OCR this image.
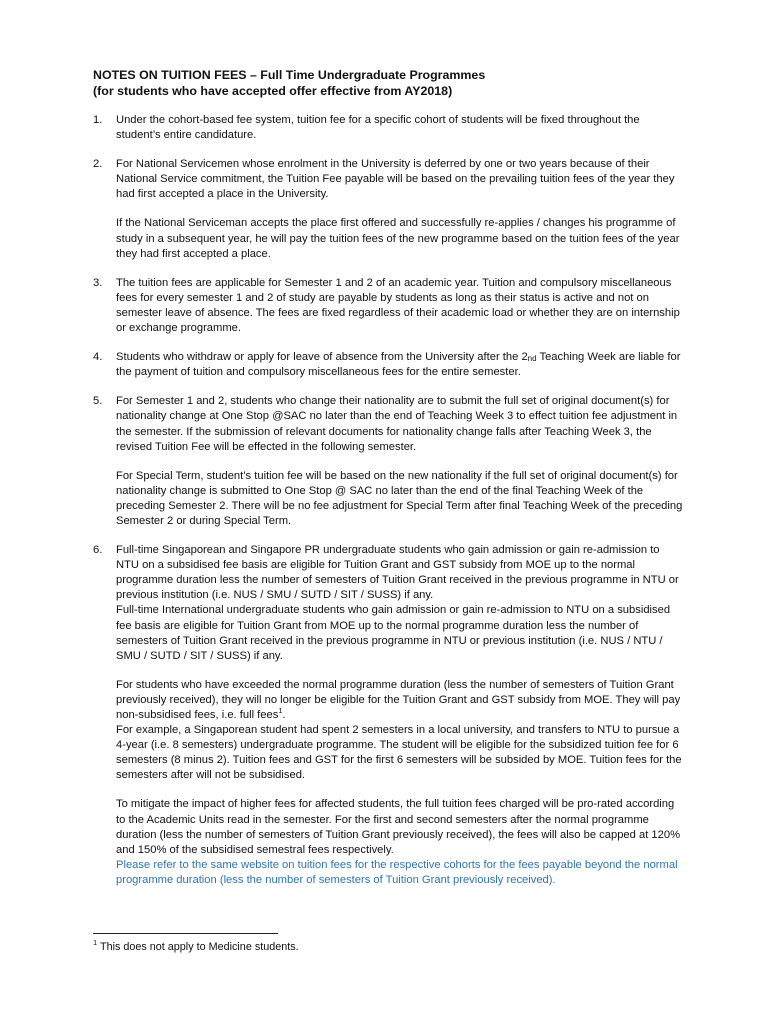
NOTES ON TUITION FEES – Full Time Undergraduate Programmes

(for students who have accepted offer effective from AY2018)

1. Under the cohort-based fee system, tuition fee for a specific cohort of students will be fixed throughout the student’s entire candidature.

2. For National Servicemen whose enrolment in the University is deferred by one or two years because of their National Service commitment, the Tuition Fee payable will be based on the prevailing tuition fees of the year they had first accepted a place in the University.

If the National Serviceman accepts the place first offered and successfully re-applies / changes his programme of study in a subsequent year, he will pay the tuition fees of the new programme based on the tuition fees of the year they had first accepted a place.

3. The tuition fees are applicable for Semester 1 and 2 of an academic year. Tuition and compulsory miscellaneous fees for every semester 1 and 2 of study are payable by students as long as their status is active and not on semester leave of absence. The fees are fixed regardless of their academic load or whether they are on internship or exchange programme.

4. Students who withdraw or apply for leave of absence from the University after the $2_{nd}$ Teaching Week are liable for the payment of tuition and compulsory miscellaneous fees for the entire semester.

5. For Semester 1 and 2, students who change their nationality are to submit the full set of original document(s) for nationality change at One Stop @SAC no later than the end of Teaching Week 3 to effect tuition fee adjustment in the semester. If the submission of relevant documents for nationality change falls after Teaching Week 3, the revised Tuition Fee will be effected in the following semester.

For Special Term, student’s tuition fee will be based on the new nationality if the full set of original document(s) for nationality change is submitted to One Stop @ SAC no later than the end of the final Teaching Week of the preceding Semester 2. There will be no fee adjustment for Special Term after final Teaching Week of the preceding Semester 2 or during Special Term.

6. Full-time Singaporean and Singapore PR undergraduate students who gain admission or gain re-admission to NTU on a subsidised fee basis are eligible for Tuition Grant and GST subsidy from MOE up to the normal programme duration less the number of semesters of Tuition Grant received in the previous programme in NTU or previous institution (i.e. NUS / SMU / SUTD / SIT / SUSS) if any.

Full-time International undergraduate students who gain admission or gain re-admission to NTU on a subsidised fee basis are eligible for Tuition Grant from MOE up to the normal programme duration less the number of semesters of Tuition Grant received in the previous programme in NTU or previous institution (i.e. NUS / NTU / SMU / SUTD / SIT / SUSS) if any.

For students who have exceeded the normal programme duration (less the number of semesters of Tuition Grant previously received), they will no longer be eligible for the Tuition Grant and GST subsidy from MOE. They will pay non-subsidised fees, i.e. full fees$^1$.

For example, a Singaporean student had spent 2 semesters in a local university, and transfers to NTU to pursue a 4-year (i.e. 8 semesters) undergraduate programme. The student will be eligible for the subsidized tuition fee for 6 semesters (8 minus 2). Tuition fees and GST for the first 6 semesters will be subsided by MOE. Tuition fees for the semesters after will not be subsidised.

To mitigate the impact of higher fees for affected students, the full tuition fees charged will be pro-rated according to the Academic Units read in the semester. For the first and second semesters after the normal programme duration (less the number of semesters of Tuition Grant previously received), the fees will also be capped at 120% and 150% of the subsidised semestral fees respectively.

Please refer to the same website on tuition fees for the respective cohorts for the fees payable beyond the normal programme duration (less the number of semesters of Tuition Grant previously received).

$^1$ This does not apply to Medicine students.
